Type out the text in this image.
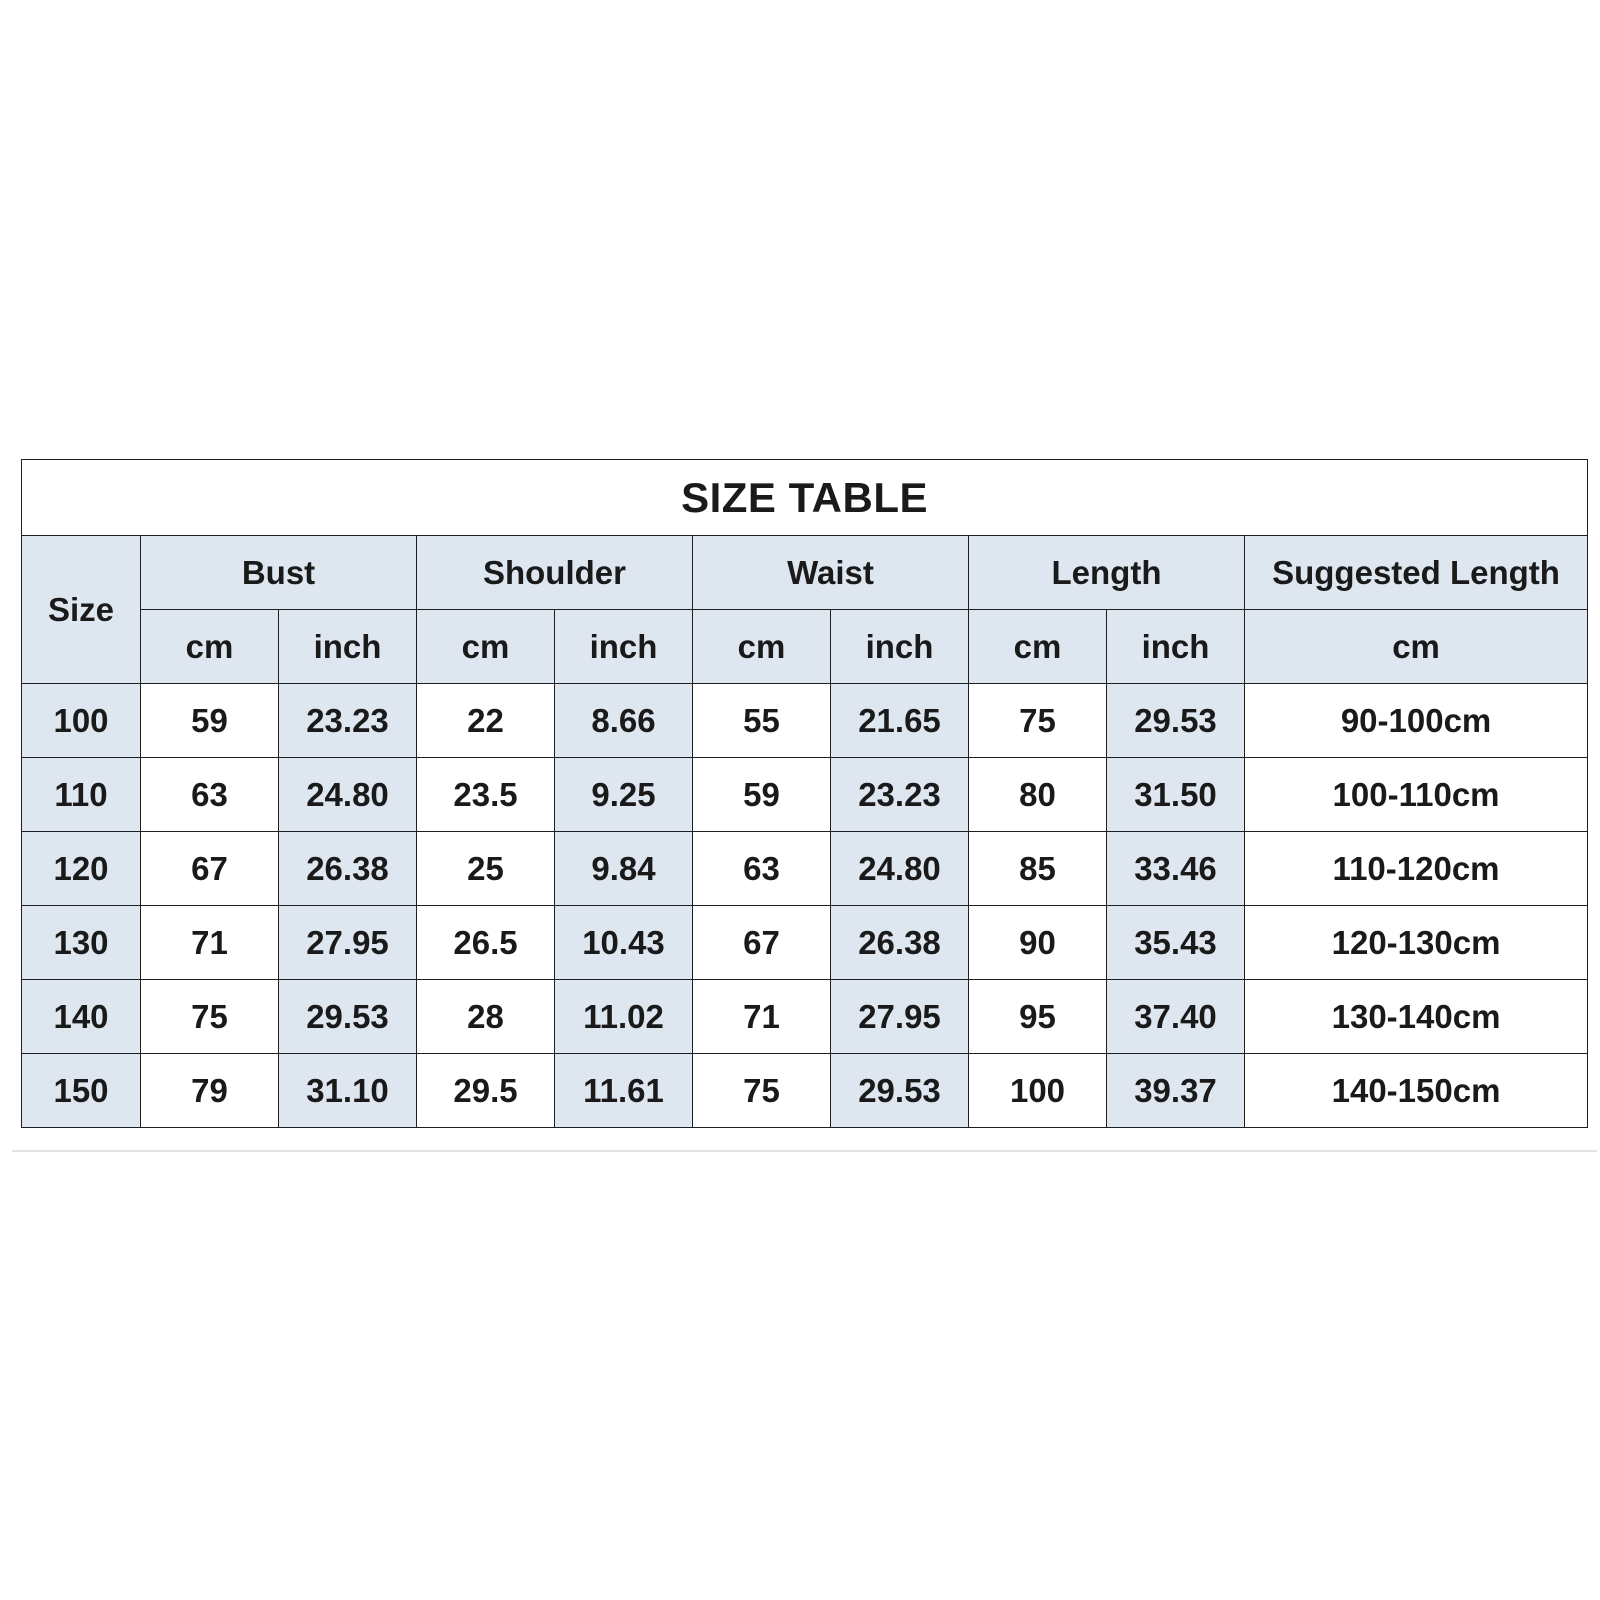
SIZE TABLE									
Size	Bust		Shoulder		Waist		Length		Suggested Length
	cm	inch	cm	inch	cm	inch	cm	inch	cm
100	59	23.23	22	8.66	55	21.65	75	29.53	90-100cm
110	63	24.80	23.5	9.25	59	23.23	80	31.50	100-110cm
120	67	26.38	25	9.84	63	24.80	85	33.46	110-120cm
130	71	27.95	26.5	10.43	67	26.38	90	35.43	120-130cm
140	75	29.53	28	11.02	71	27.95	95	37.40	130-140cm
150	79	31.10	29.5	11.61	75	29.53	100	39.37	140-150cm
